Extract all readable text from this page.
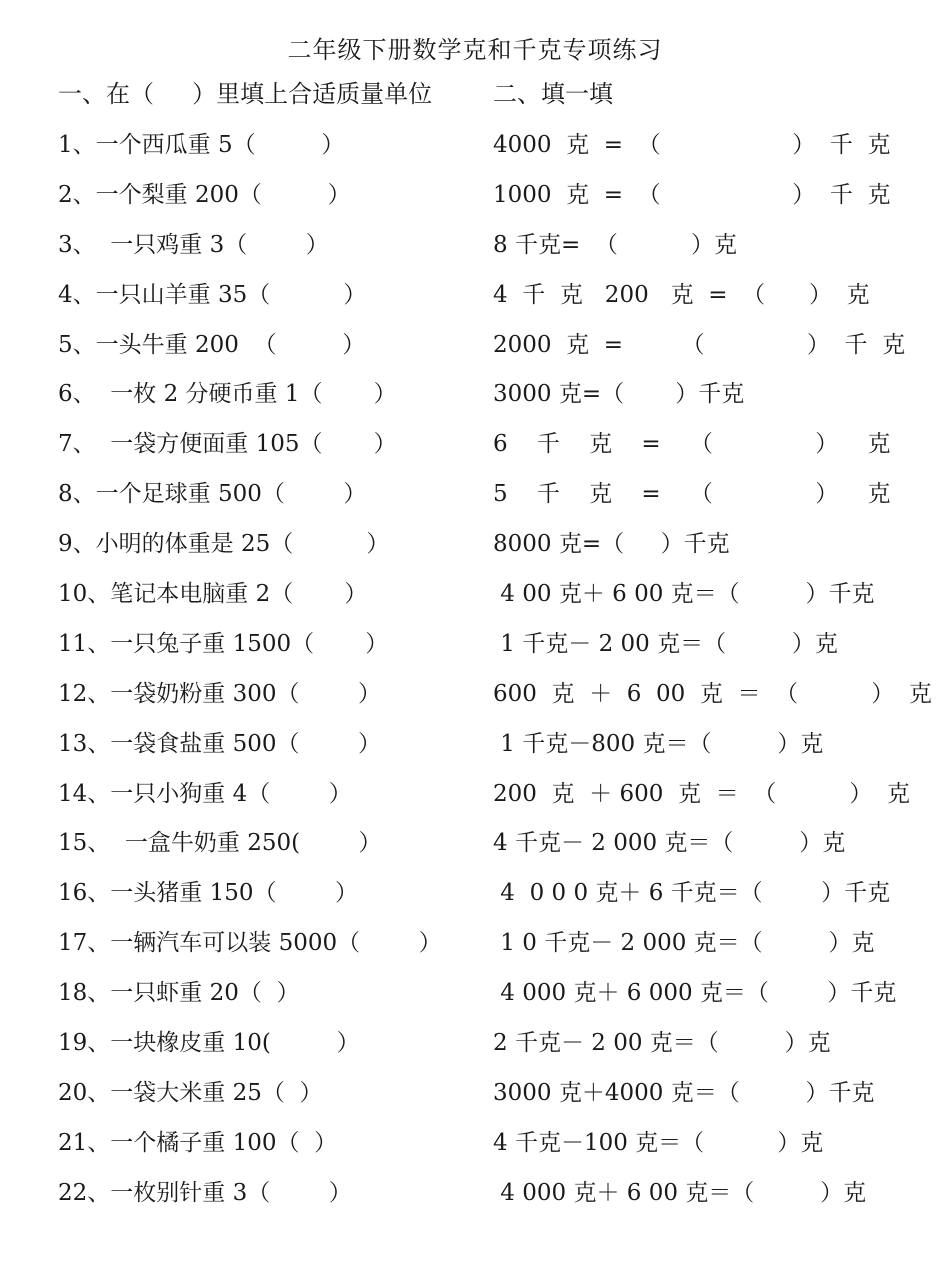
二年级下册数学克和千克专项练习
一、在（     ）里填上合适质量单位	二、填一填
1、一个西瓜重 5（         ）	4000  克  =  （                  ）  千  克
2、一个梨重 200（         ）	1000  克  =  （                  ）  千  克
3、  一只鸡重 3（        ）	8 千克=  （          ）克
4、一只山羊重 35（          ）	4  千  克   200   克  =  （      ）  克
5、一头牛重 200  （         ）	2000  克  =        （              ）  千  克
6、  一枚 2 分硬币重 1（       ）	3000 克=（       ）千克
7、  一袋方便面重 105（       ）	6    千    克    =    （              ）    克
8、一个足球重 500（        ）	5    千    克    =    （              ）    克
9、小明的体重是 25（          ）	8000 克=（     ）千克
10、笔记本电脑重 2（       ）	4 00 克＋ 6 00 克＝（         ）千克
11、一只兔子重 1500（       ）	1 千克－ 2 00 克＝（         ）克
12、一袋奶粉重 300（        ）	600  克  ＋  6  00  克  ＝  （          ）  克
13、一袋食盐重 500（        ）	1 千克－800 克＝（         ）克
14、一只小狗重 4（        ）	200  克  ＋ 600  克  ＝  （          ）  克
15、  一盒牛奶重 250(        ）	4 千克－ 2 000 克＝（         ）克
16、一头猪重 150（        ）	4  0 0 0 克＋ 6 千克＝（        ）千克
17、一辆汽车可以装 5000（        ） 1 0 千克－ 2 000 克＝（         ）克
18、一只虾重 20（  ）	4 000 克＋ 6 000 克＝（        ）千克
19、一块橡皮重 10(         ）	2 千克－ 2 00 克＝（         ）克
20、一袋大米重 25（  ）	3000 克＋4000 克＝（         ）千克
21、一个橘子重 100（  ）	4 千克－100 克＝（          ）克
22、一枚别针重 3（        ）	4 000 克＋ 6 00 克＝（         ）克
